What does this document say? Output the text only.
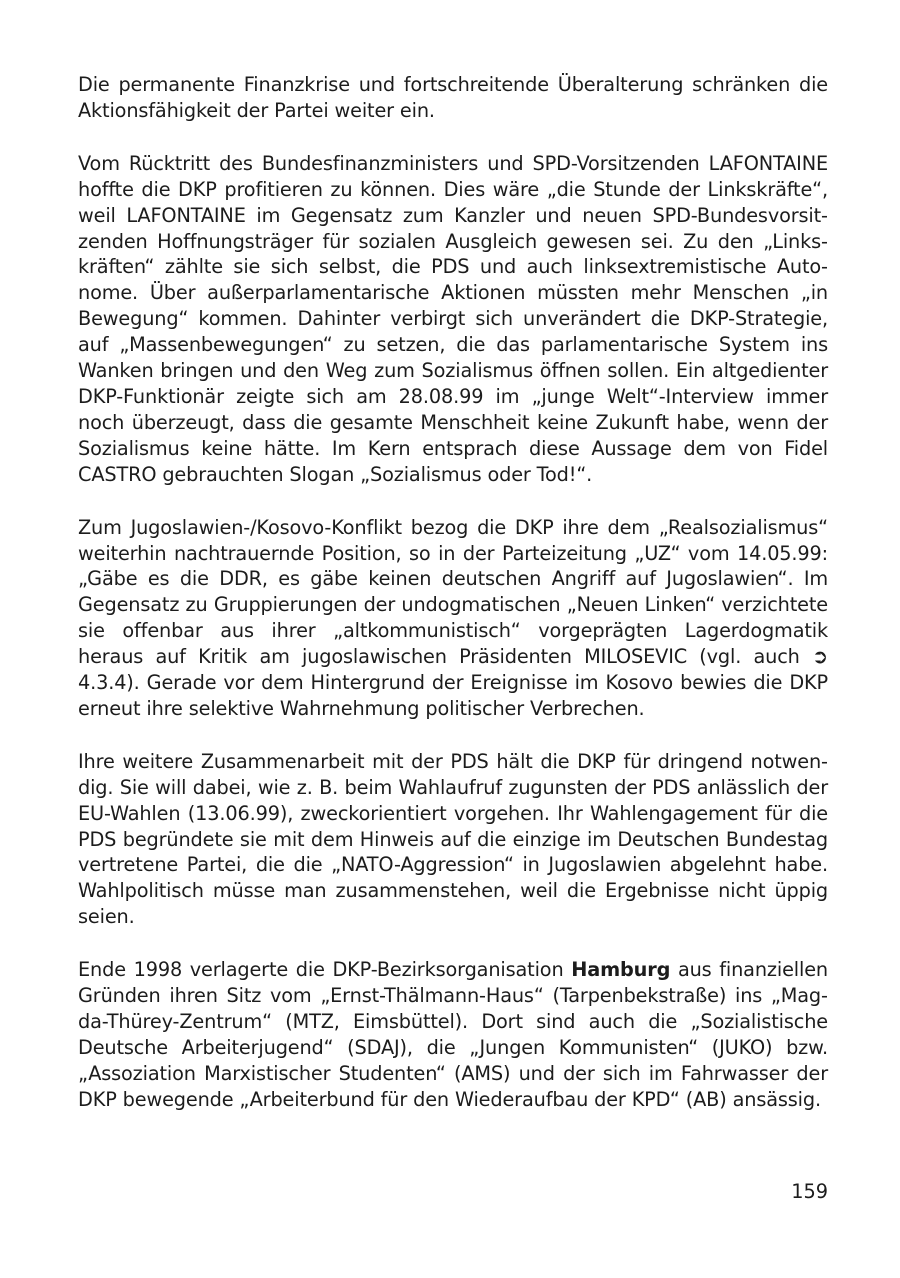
Die permanente Finanzkrise und fortschreitende Überalterung schränken die Aktionsfähigkeit der Partei weiter ein.

Vom Rücktritt des Bundesfinanzministers und SPD-Vorsitzenden LAFONTAINE hoffte die DKP profitieren zu können. Dies wäre „die Stunde der Linkskräfte“, weil LAFONTAINE im Gegensatz zum Kanzler und neuen SPD-Bundesvorsitzenden Hoffnungsträger für sozialen Ausgleich gewesen sei. Zu den „Linkskräften“ zählte sie sich selbst, die PDS und auch linksextremistische Autonome. Über außerparlamentarische Aktionen müssten mehr Menschen „in Bewegung“ kommen. Dahinter verbirgt sich unverändert die DKP-Strategie, auf „Massenbewegungen“ zu setzen, die das parlamentarische System ins Wanken bringen und den Weg zum Sozialismus öffnen sollen. Ein altgedienter DKP-Funktionär zeigte sich am 28.08.99 im „junge Welt“-Interview immer noch überzeugt, dass die gesamte Menschheit keine Zukunft habe, wenn der Sozialismus keine hätte. Im Kern entsprach diese Aussage dem von Fidel CASTRO gebrauchten Slogan „Sozialismus oder Tod!“.

Zum Jugoslawien-/Kosovo-Konflikt bezog die DKP ihre dem „Realsozialismus“ weiterhin nachtrauernde Position, so in der Parteizeitung „UZ“ vom 14.05.99: „Gäbe es die DDR, es gäbe keinen deutschen Angriff auf Jugoslawien“. Im Gegensatz zu Gruppierungen der undogmatischen „Neuen Linken“ verzichtete sie offenbar aus ihrer „altkommunistisch“ vorgeprägten Lagerdogmatik heraus auf Kritik am jugoslawischen Präsidenten MILOSEVIC (vgl. auch ➲ 4.3.4). Gerade vor dem Hintergrund der Ereignisse im Kosovo bewies die DKP erneut ihre selektive Wahrnehmung politischer Verbrechen.

Ihre weitere Zusammenarbeit mit der PDS hält die DKP für dringend notwendig. Sie will dabei, wie z. B. beim Wahlaufruf zugunsten der PDS anlässlich der EU-Wahlen (13.06.99), zweckorientiert vorgehen. Ihr Wahlengagement für die PDS begründete sie mit dem Hinweis auf die einzige im Deutschen Bundestag vertretene Partei, die die „NATO-Aggression“ in Jugoslawien abgelehnt habe. Wahlpolitisch müsse man zusammenstehen, weil die Ergebnisse nicht üppig seien.

Ende 1998 verlagerte die DKP-Bezirksorganisation Hamburg aus finanziellen Gründen ihren Sitz vom „Ernst-Thälmann-Haus“ (Tarpenbekstraße) ins „Magda-Thürey-Zentrum“ (MTZ, Eimsbüttel). Dort sind auch die „Sozialistische Deutsche Arbeiterjugend“ (SDAJ), die „Jungen Kommunisten“ (JUKO) bzw. „Assoziation Marxistischer Studenten“ (AMS) und der sich im Fahrwasser der DKP bewegende „Arbeiterbund für den Wiederaufbau der KPD“ (AB) ansässig.

159
